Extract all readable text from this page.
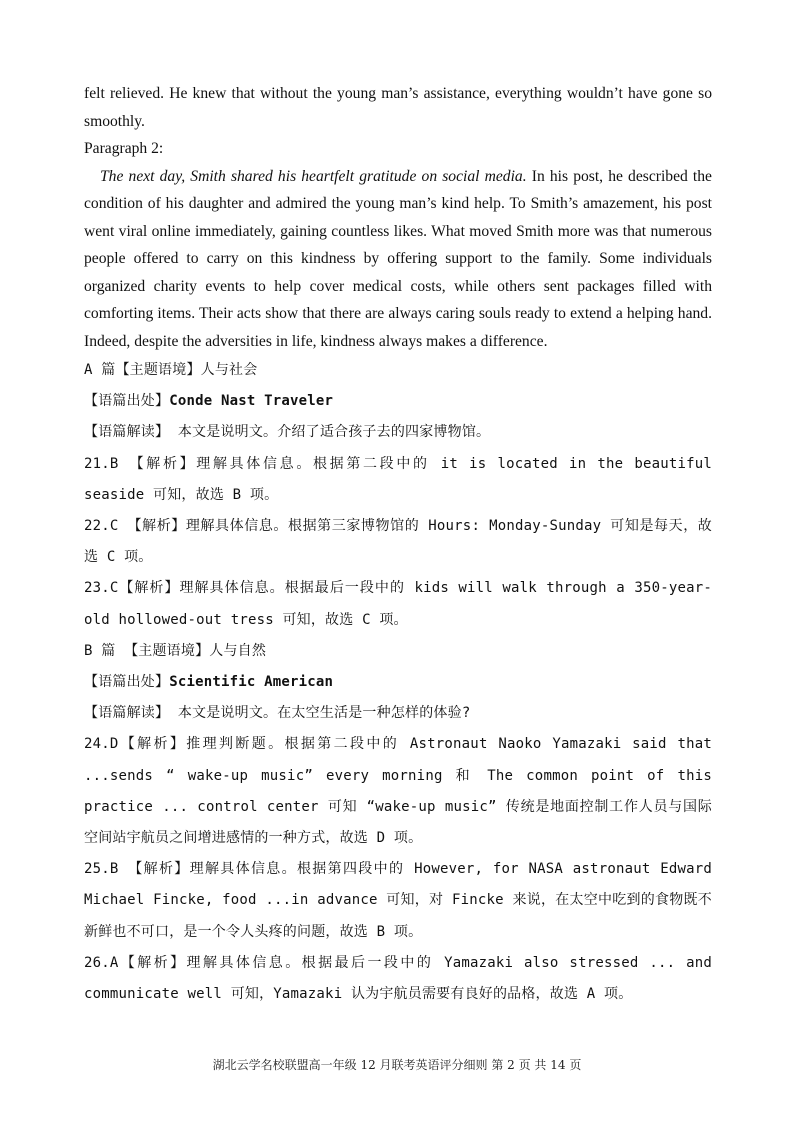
felt relieved. He knew that without the young man’s assistance, everything wouldn’t have gone so smoothly.

Paragraph 2:

The next day, Smith shared his heartfelt gratitude on social media. In his post, he described the condition of his daughter and admired the young man’s kind help. To Smith’s amazement, his post went viral online immediately, gaining countless likes. What moved Smith more was that numerous people offered to carry on this kindness by offering support to the family. Some individuals organized charity events to help cover medical costs, while others sent packages filled with comforting items. Their acts show that there are always caring souls ready to extend a helping hand. Indeed, despite the adversities in life, kindness always makes a difference.

A 篇【主题语境】人与社会

【语篇出处】Conde Nast Traveler

【语篇解读】 本文是说明文。介绍了适合孩子去的四家博物馆。

21.B 【解析】理解具体信息。根据第二段中的 it is located in the beautiful seaside 可知，故选 B 项。

22.C 【解析】理解具体信息。根据第三家博物馆的 Hours: Monday-Sunday 可知是每天，故选 C 项。

23.C【解析】理解具体信息。根据最后一段中的 kids will walk through a 350-year-old hollowed-out tress 可知，故选 C 项。

B 篇 【主题语境】人与自然

【语篇出处】Scientific American

【语篇解读】 本文是说明文。在太空生活是一种怎样的体验?

24.D【解析】推理判断题。根据第二段中的 Astronaut Naoko Yamazaki said that ...sends “ wake-up music” every morning 和 The common point of this practice ... control center 可知 “wake-up music” 传统是地面控制工作人员与国际空间站宇航员之间增进感情的一种方式，故选 D 项。

25.B 【解析】理解具体信息。根据第四段中的 However, for NASA astronaut Edward Michael Fincke, food ...in advance 可知，对 Fincke 来说，在太空中吃到的食物既不新鲜也不可口，是一个令人头疼的问题，故选 B 项。

26.A【解析】理解具体信息。根据最后一段中的 Yamazaki also stressed ... and communicate well 可知，Yamazaki 认为宇航员需要有良好的品格，故选 A 项。

湖北云学名校联盟高一年级 12 月联考英语评分细则 第 2 页 共 14 页
